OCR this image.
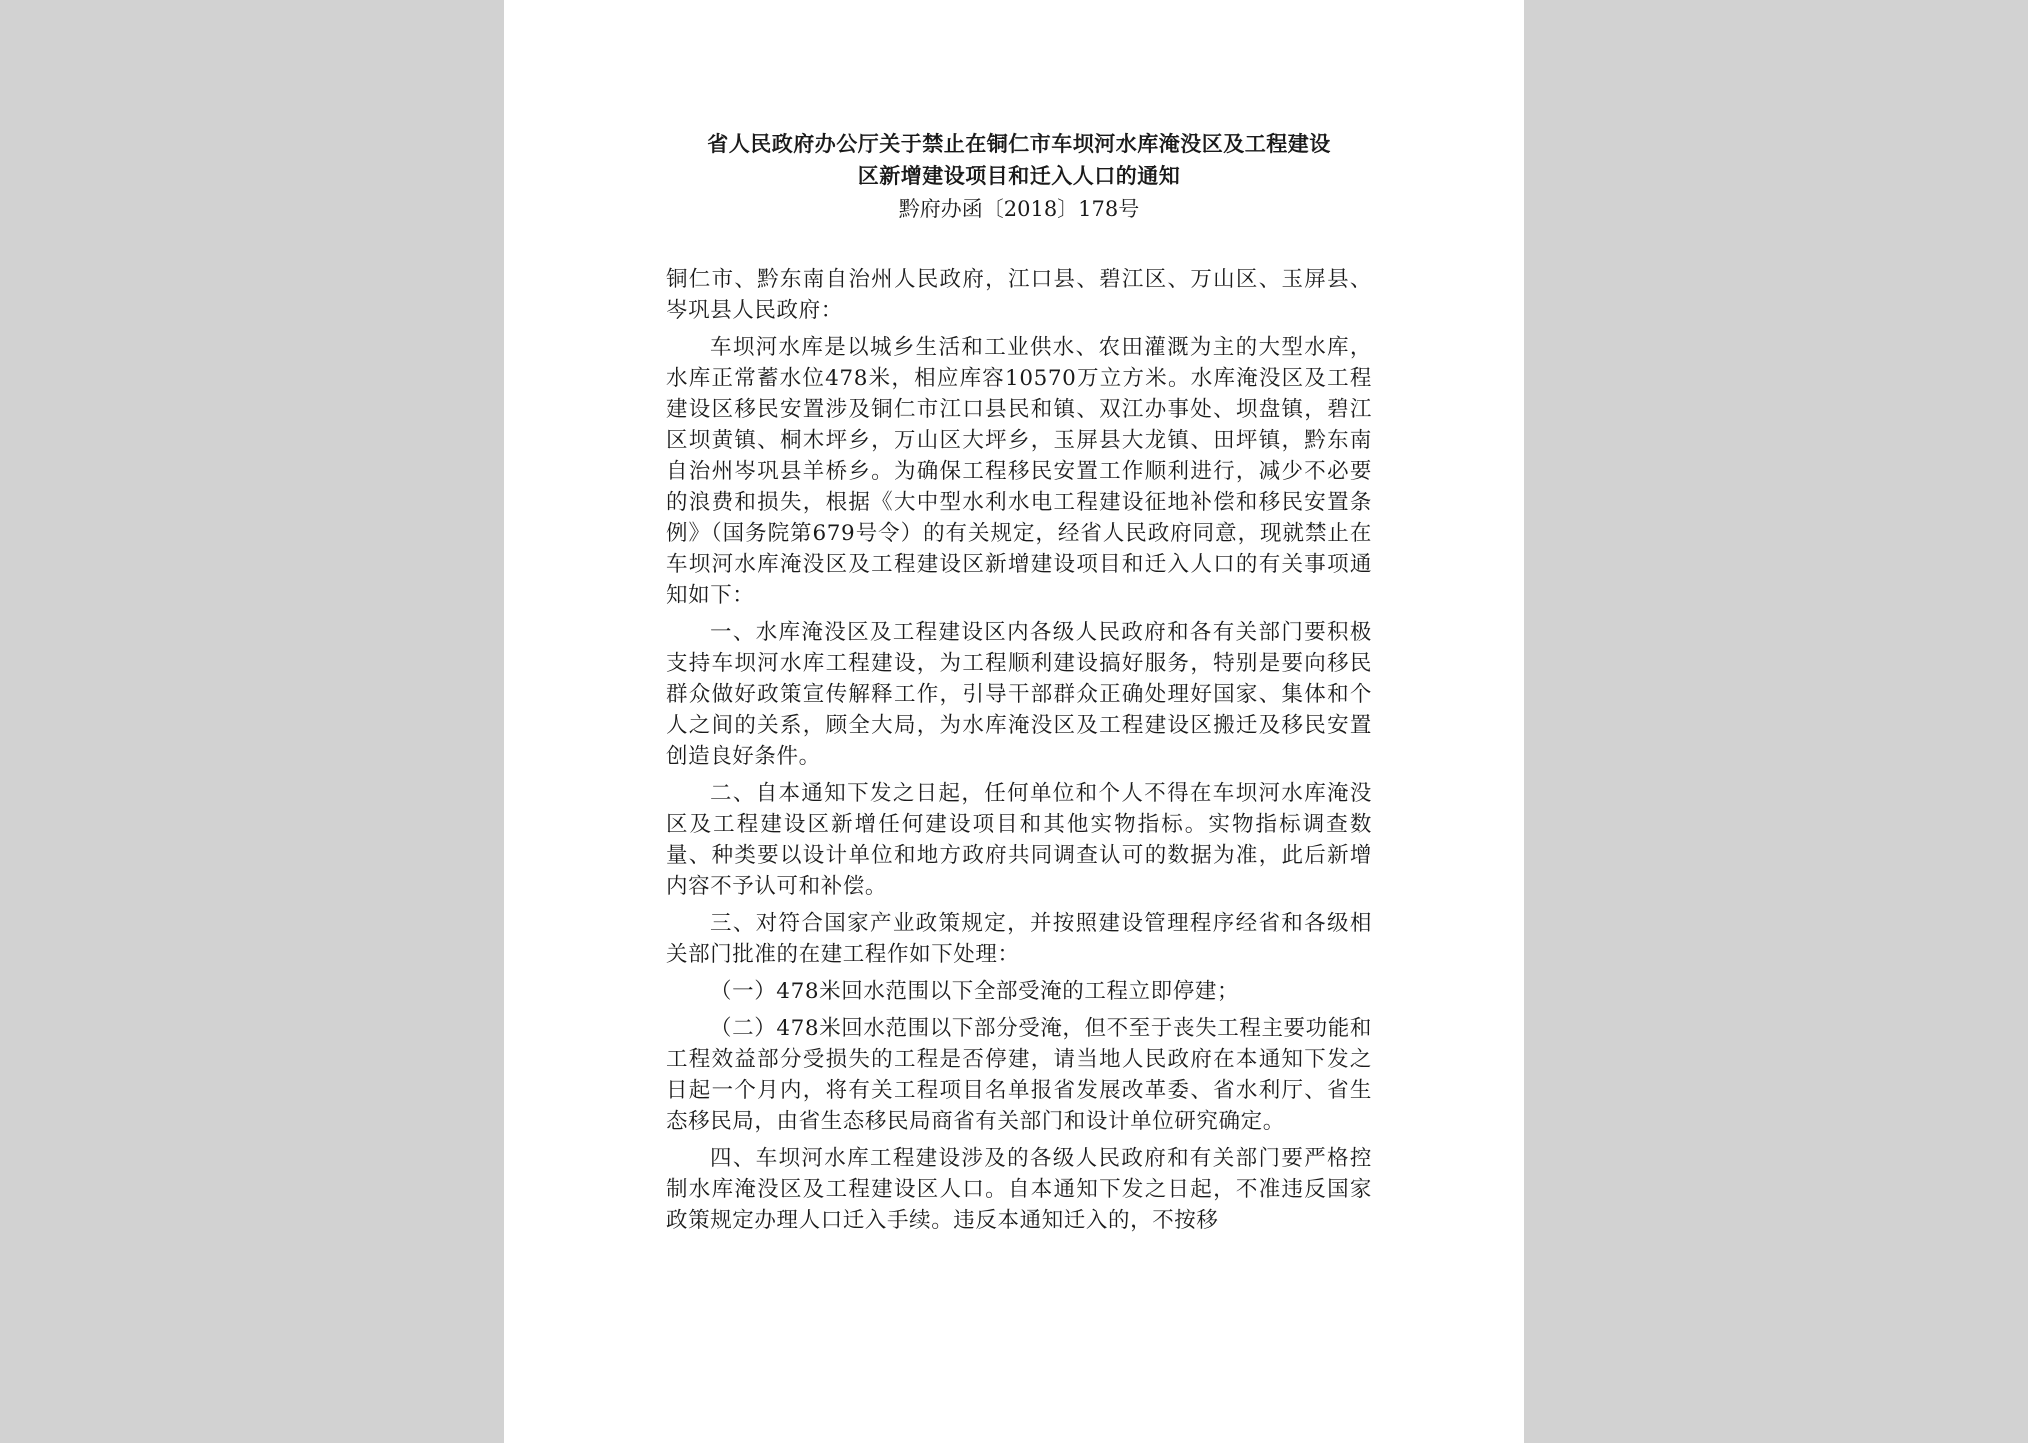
省人民政府办公厅关于禁止在铜仁市车坝河水库淹没区及工程建设

区新增建设项目和迁入人口的通知

黔府办函〔2018〕178号

铜仁市、黔东南自治州人民政府，江口县、碧江区、万山区、玉屏县、岑巩县人民政府：

车坝河水库是以城乡生活和工业供水、农田灌溉为主的大型水库，水库正常蓄水位478米，相应库容10570万立方米。水库淹没区及工程建设区移民安置涉及铜仁市江口县民和镇、双江办事处、坝盘镇，碧江区坝黄镇、桐木坪乡，万山区大坪乡，玉屏县大龙镇、田坪镇，黔东南自治州岑巩县羊桥乡。为确保工程移民安置工作顺利进行，减少不必要的浪费和损失，根据《大中型水利水电工程建设征地补偿和移民安置条例》（国务院第679号令）的有关规定，经省人民政府同意，现就禁止在车坝河水库淹没区及工程建设区新增建设项目和迁入人口的有关事项通知如下：

一、水库淹没区及工程建设区内各级人民政府和各有关部门要积极支持车坝河水库工程建设，为工程顺利建设搞好服务，特别是要向移民群众做好政策宣传解释工作，引导干部群众正确处理好国家、集体和个人之间的关系，顾全大局，为水库淹没区及工程建设区搬迁及移民安置创造良好条件。

二、自本通知下发之日起，任何单位和个人不得在车坝河水库淹没区及工程建设区新增任何建设项目和其他实物指标。实物指标调查数量、种类要以设计单位和地方政府共同调查认可的数据为准，此后新增内容不予认可和补偿。

三、对符合国家产业政策规定，并按照建设管理程序经省和各级相关部门批准的在建工程作如下处理：

（一）478米回水范围以下全部受淹的工程立即停建；

（二）478米回水范围以下部分受淹，但不至于丧失工程主要功能和工程效益部分受损失的工程是否停建，请当地人民政府在本通知下发之日起一个月内，将有关工程项目名单报省发展改革委、省水利厅、省生态移民局，由省生态移民局商省有关部门和设计单位研究确定。

四、车坝河水库工程建设涉及的各级人民政府和有关部门要严格控制水库淹没区及工程建设区人口。自本通知下发之日起，不准违反国家政策规定办理人口迁入手续。违反本通知迁入的，不按移
